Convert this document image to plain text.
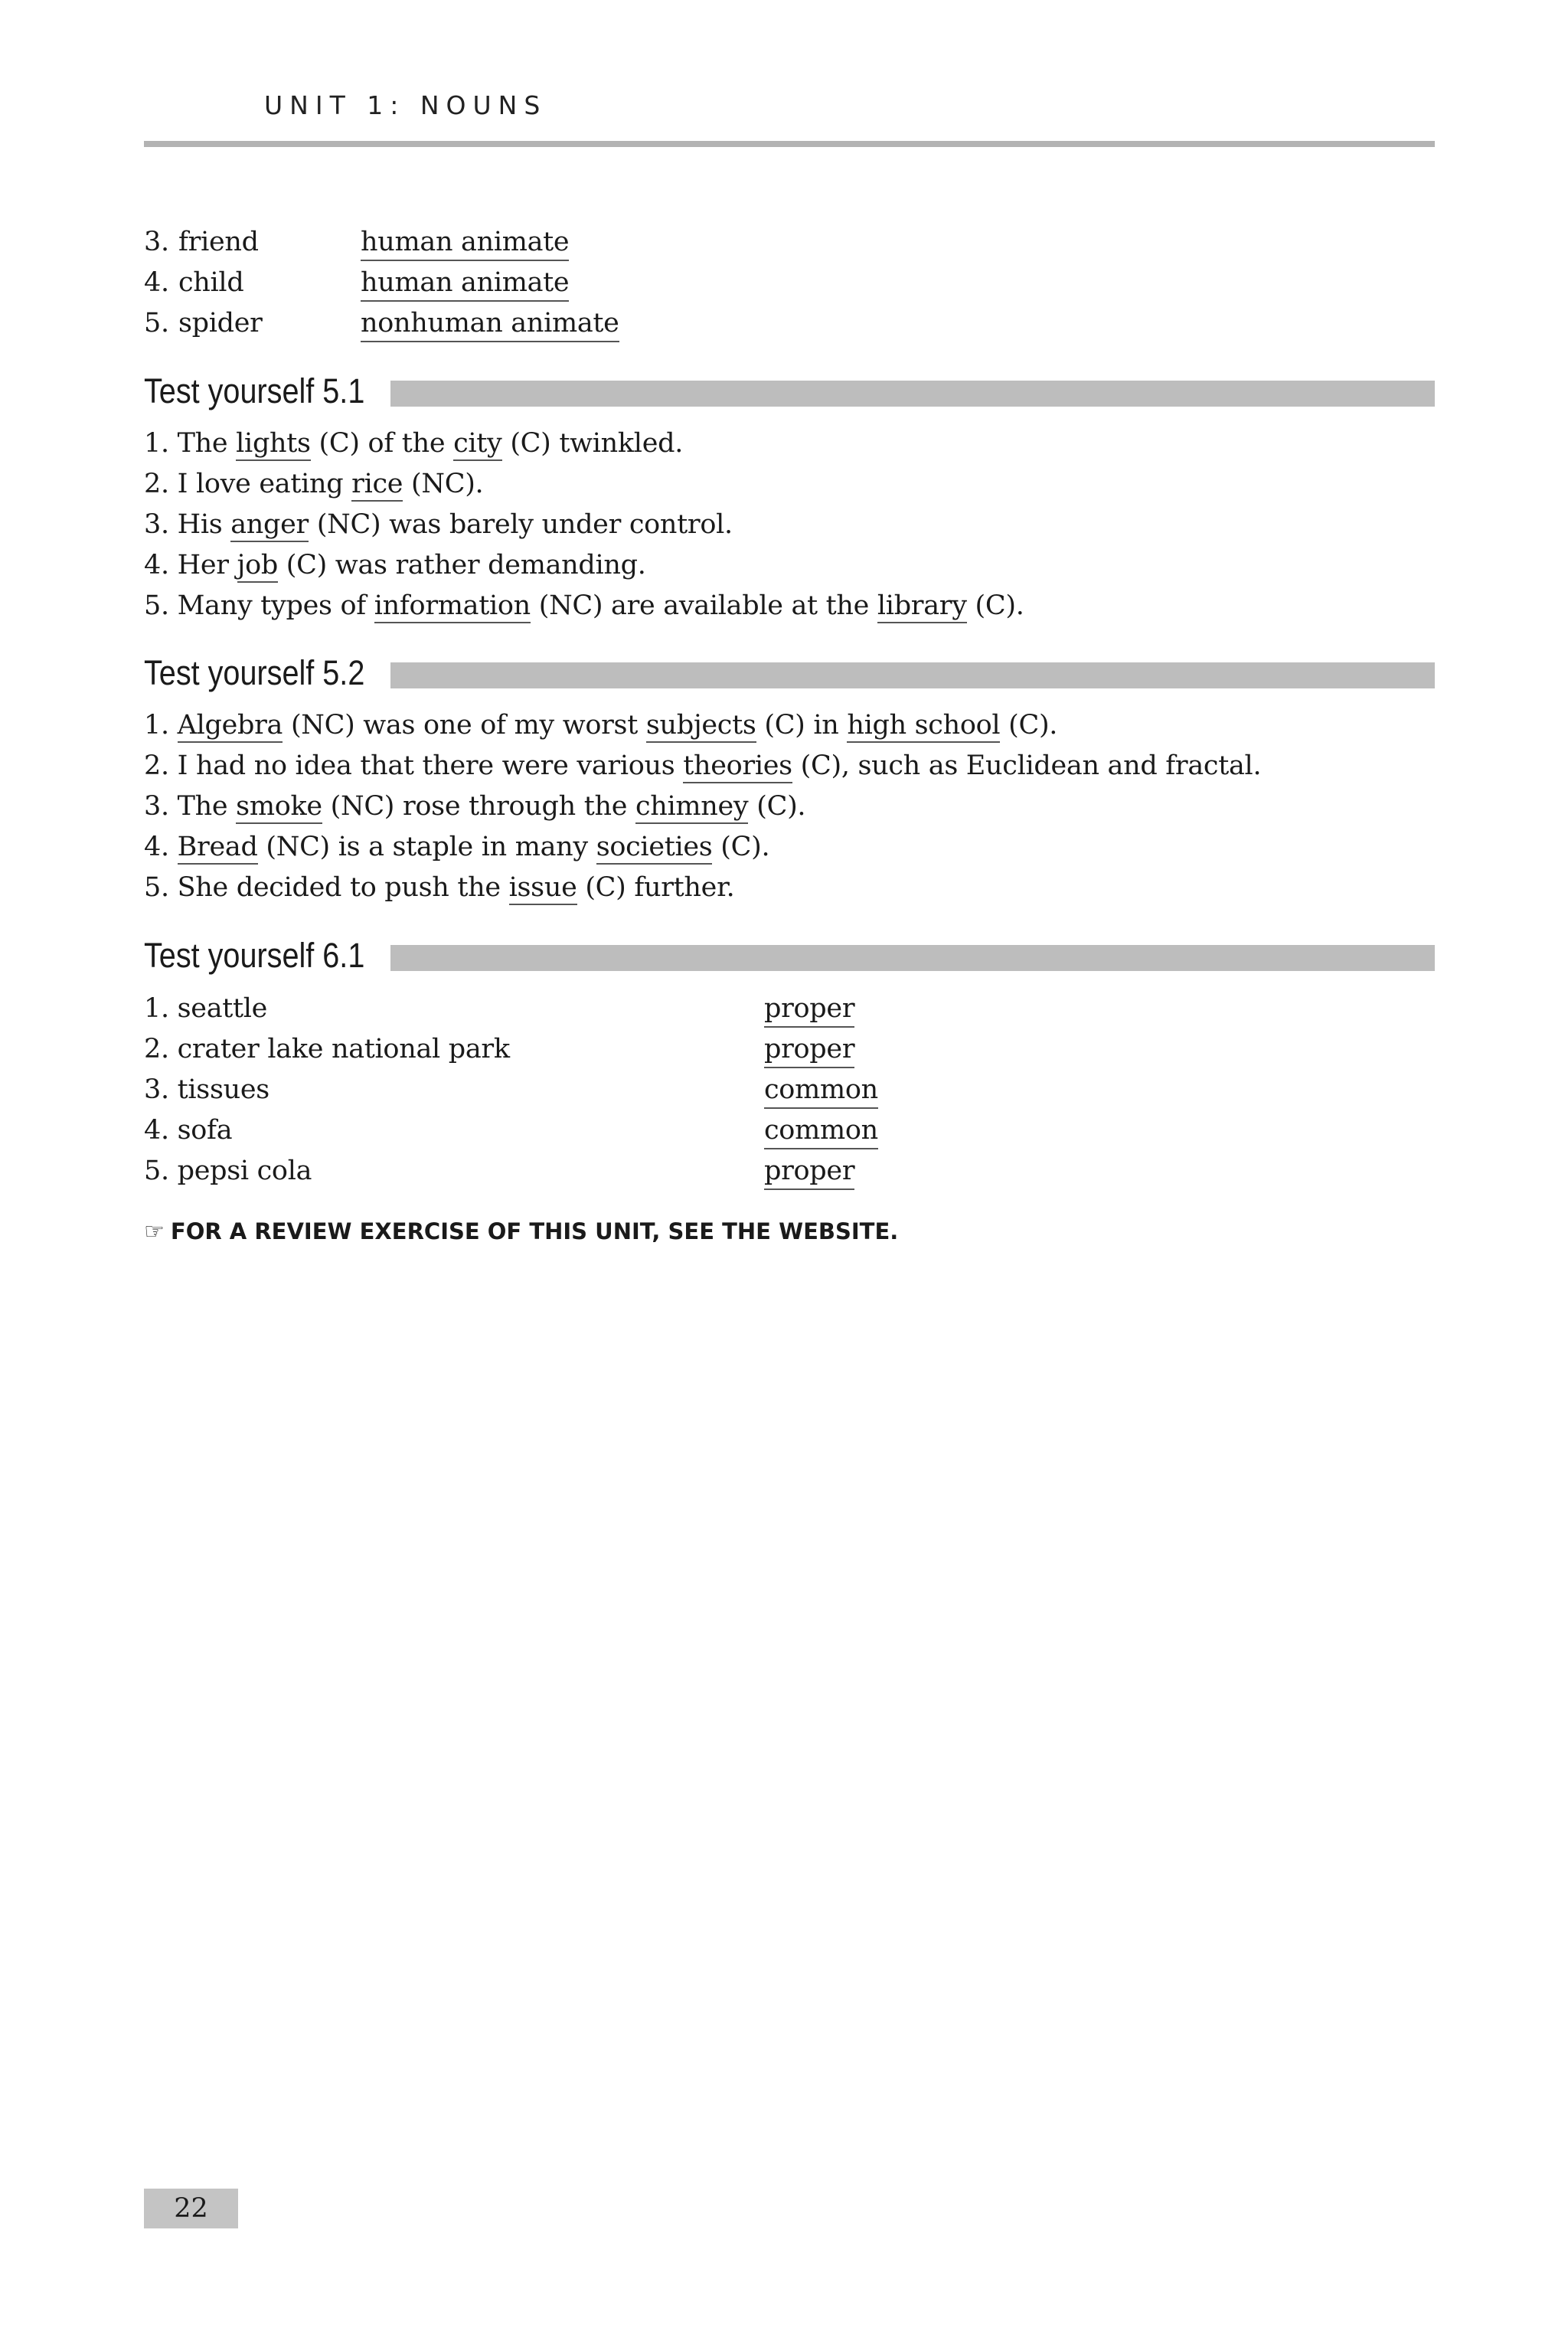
UNIT 1: NOUNS
3. friend	human animate
4. child	human animate
5. spider	nonhuman animate
Test yourself 5.1
1. The lights (C) of the city (C) twinkled.
2. I love eating rice (NC).
3. His anger (NC) was barely under control.
4. Her job (C) was rather demanding.
5. Many types of information (NC) are available at the library (C).
Test yourself 5.2
1. Algebra (NC) was one of my worst subjects (C) in high school (C).
2. I had no idea that there were various theories (C), such as Euclidean and fractal.
3. The smoke (NC) rose through the chimney (C).
4. Bread (NC) is a staple in many societies (C).
5. She decided to push the issue (C) further.
Test yourself 6.1
1. seattle	proper
2. crater lake national park	proper
3. tissues	common
4. sofa	common
5. pepsi cola	proper
☞ FOR A REVIEW EXERCISE OF THIS UNIT, SEE THE WEBSITE.
22
